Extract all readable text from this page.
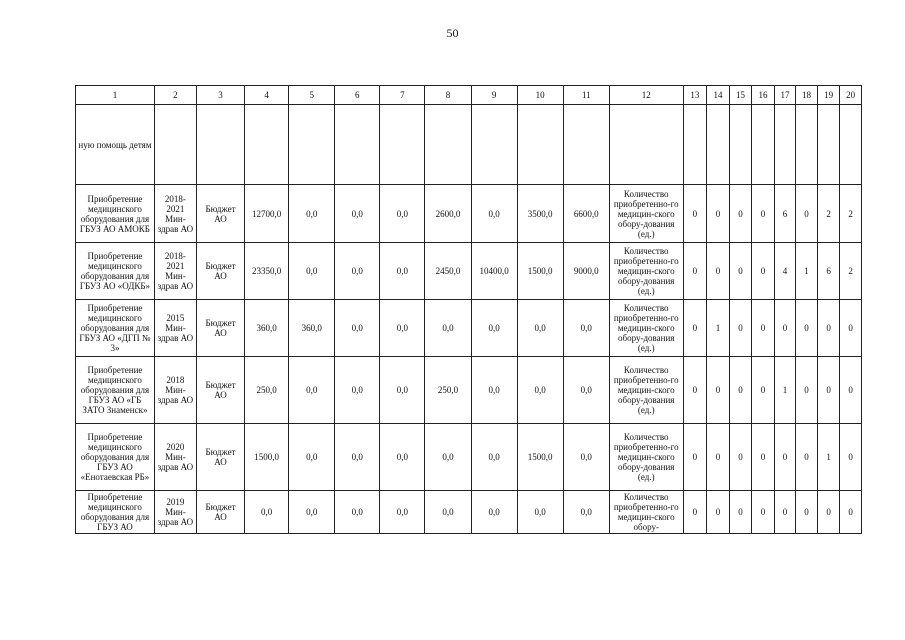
50
1	2	3	4	5	6	7	8	9	10	11	12	13	14	15	16	17	18	19	20
ную помощь детям																			
Приобретение медицинского оборудования для ГБУЗ АО АМОКБ	2018-2021 Мин-здрав АО	Бюджет АО	12700,0	0,0	0,0	0,0	2600,0	0,0	3500,0	6600,0	Количество приобретенно-го медицин-ского обору-дования (ед.)	0	0	0	0	6	0	2	2
Приобретение медицинского оборудования для ГБУЗ АО «ОДКБ»	2018-2021 Мин-здрав АО	Бюджет АО	23350,0	0,0	0,0	0,0	2450,0	10400,0	1500,0	9000,0	Количество приобретенно-го медицин-ского обору-дования (ед.)	0	0	0	0	4	1	6	2
Приобретение медицинского оборудования для ГБУЗ АО «ДГП № 3»	2015 Мин-здрав АО	Бюджет АО	360,0	360,0	0,0	0,0	0,0	0,0	0,0	0,0	Количество приобретенно-го медицин-ского обору-дования (ед.)	0	1	0	0	0	0	0	0
Приобретение медицинского оборудования для ГБУЗ АО «ГБ ЗАТО Знаменск»	2018 Мин-здрав АО	Бюджет АО	250,0	0,0	0,0	0,0	250,0	0,0	0,0	0,0	Количество приобретенно-го медицин-ского обору-дования (ед.)	0	0	0	0	1	0	0	0
Приобретение медицинского оборудования для ГБУЗ АО «Енотаевская РБ»	2020 Мин-здрав АО	Бюджет АО	1500,0	0,0	0,0	0,0	0,0	0,0	1500,0	0,0	Количество приобретенно-го медицин-ского обору-дования (ед.)	0	0	0	0	0	0	1	0
Приобретение медицинского оборудования для ГБУЗ АО	2019 Мин-здрав АО	Бюджет АО	0,0	0,0	0,0	0,0	0,0	0,0	0,0	0,0	Количество приобретенно-го медицин-ского обору-	0	0	0	0	0	0	0	0
